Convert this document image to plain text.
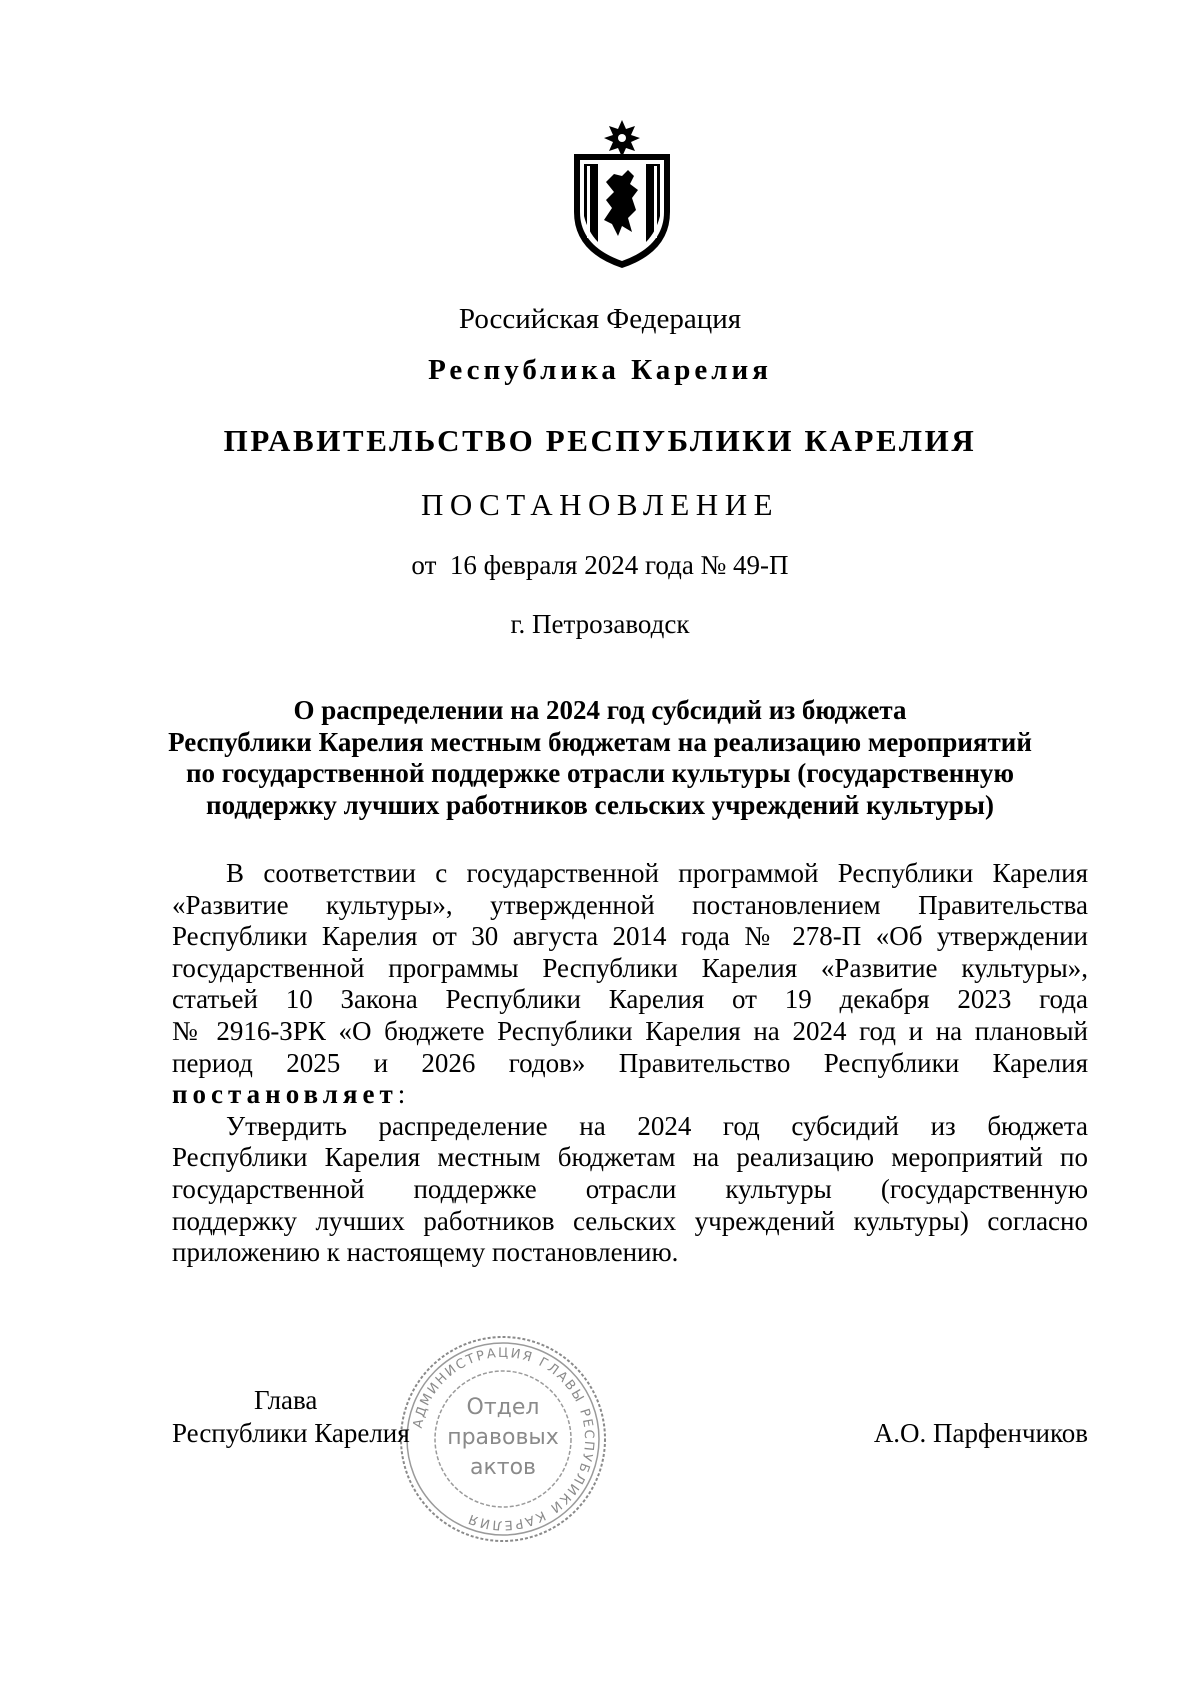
Российская Федерация
Республика Карелия
ПРАВИТЕЛЬСТВО РЕСПУБЛИКИ КАРЕЛИЯ
ПОСТАНОВЛЕНИЕ
от  16 февраля 2024 года № 49-П
г. Петрозаводск
О распределении на 2024 год субсидий из бюджета
Республики Карелия местным бюджетам на реализацию мероприятий
по государственной поддержке отрасли культуры (государственную
поддержку лучших работников сельских учреждений культуры)
В соответствии с государственной программой Республики Карелия
«Развитие культуры», утвержденной постановлением Правительства
Республики Карелия от 30 августа 2014 года № 278-П «Об утверждении
государственной программы Республики Карелия «Развитие культуры»,
статьей 10 Закона Республики Карелия от 19 декабря 2023 года
№ 2916-ЗРК «О бюджете Республики Карелия на 2024 год и на плановый
период 2025 и 2026 годов» Правительство Республики Карелия
постановляет:
Утвердить распределение на 2024 год субсидий из бюджета
Республики Карелия местным бюджетам на реализацию мероприятий по
государственной поддержке отрасли культуры (государственную
поддержку лучших работников сельских учреждений культуры) согласно
приложению к настоящему постановлению.
АДМИНИСТРАЦИЯ ГЛАВЫ РЕСПУБЛИКИ КАРЕЛИЯ
Отдел
правовых
актов
Глава
Республики Карелия	А.О. Парфенчиков
